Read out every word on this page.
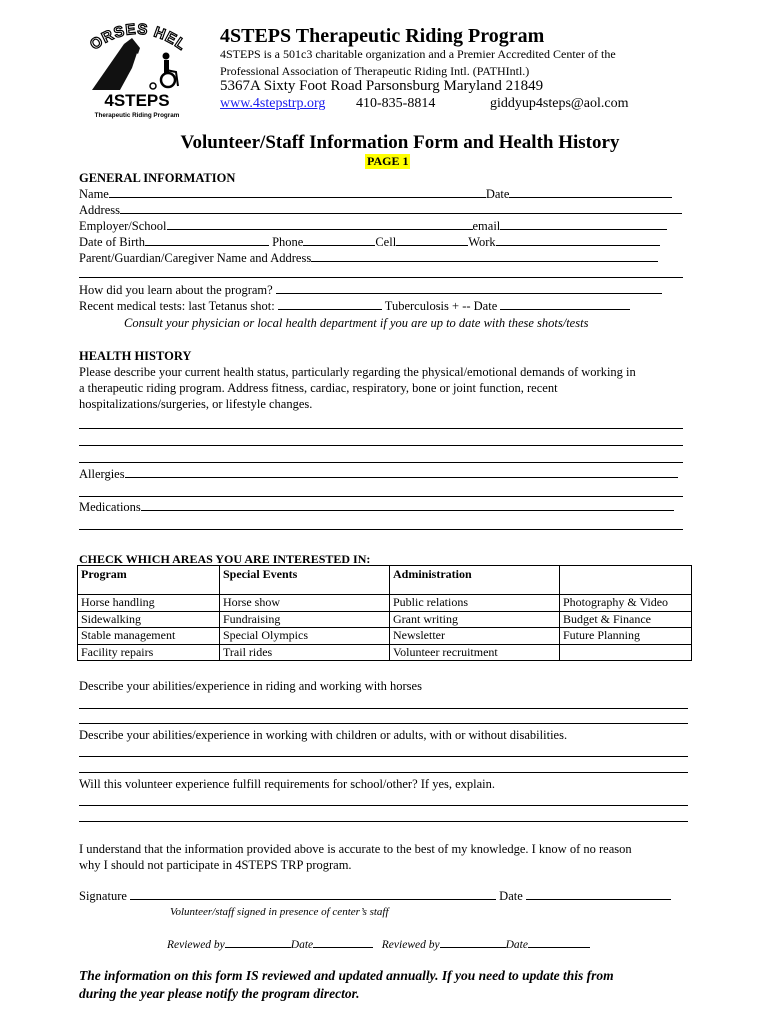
ORSES HEL
4STEPS
Therapeutic Riding Program
4STEPS Therapeutic Riding Program
4STEPS is a 501c3 charitable organization and a Premier Accredited Center of the
Professional Association of Therapeutic Riding Intl. (PATHIntl.)
5367A Sixty Foot Road Parsonsburg Maryland 21849
www.4stepstrp.org 410-835-8814	giddyup4steps@aol.com
Volunteer/Staff Information Form and Health History
PAGE 1
GENERAL INFORMATION
Name	Date
Address
Employer/School	email
Date of Birth	Phone	Cell	Work
Parent/Guardian/Caregiver Name and Address
How did you learn about the program?
Recent medical tests: last Tetanus shot:	Tuberculosis + -- Date
Consult your physician or local health department if you are up to date with these shots/tests
HEALTH HISTORY
Please describe your current health status, particularly regarding the physical/emotional demands of working in
a therapeutic riding program. Address fitness, cardiac, respiratory, bone or joint function, recent
hospitalizations/surgeries, or lifestyle changes.
Allergies
Medications
CHECK WHICH AREAS YOU ARE INTERESTED IN:
Program	Special Events	Administration	
Horse handling	Horse show	Public relations	Photography & Video
Sidewalking	Fundraising	Grant writing	Budget & Finance
Stable management	Special Olympics	Newsletter	Future Planning
Facility repairs	Trail rides	Volunteer recruitment	
Describe your abilities/experience in riding and working with horses
Describe your abilities/experience in working with children or adults, with or without disabilities.
Will this volunteer experience fulfill requirements for school/other? If yes, explain.
I understand that the information provided above is accurate to the best of my knowledge. I know of no reason
why I should not participate in 4STEPS TRP program.
Signature	Date
Volunteer/staff signed in presence of center’s staff
Reviewed by	Date	Reviewed by	Date
The information on this form IS reviewed and updated annually. If you need to update this from
during the year please notify the program director.
